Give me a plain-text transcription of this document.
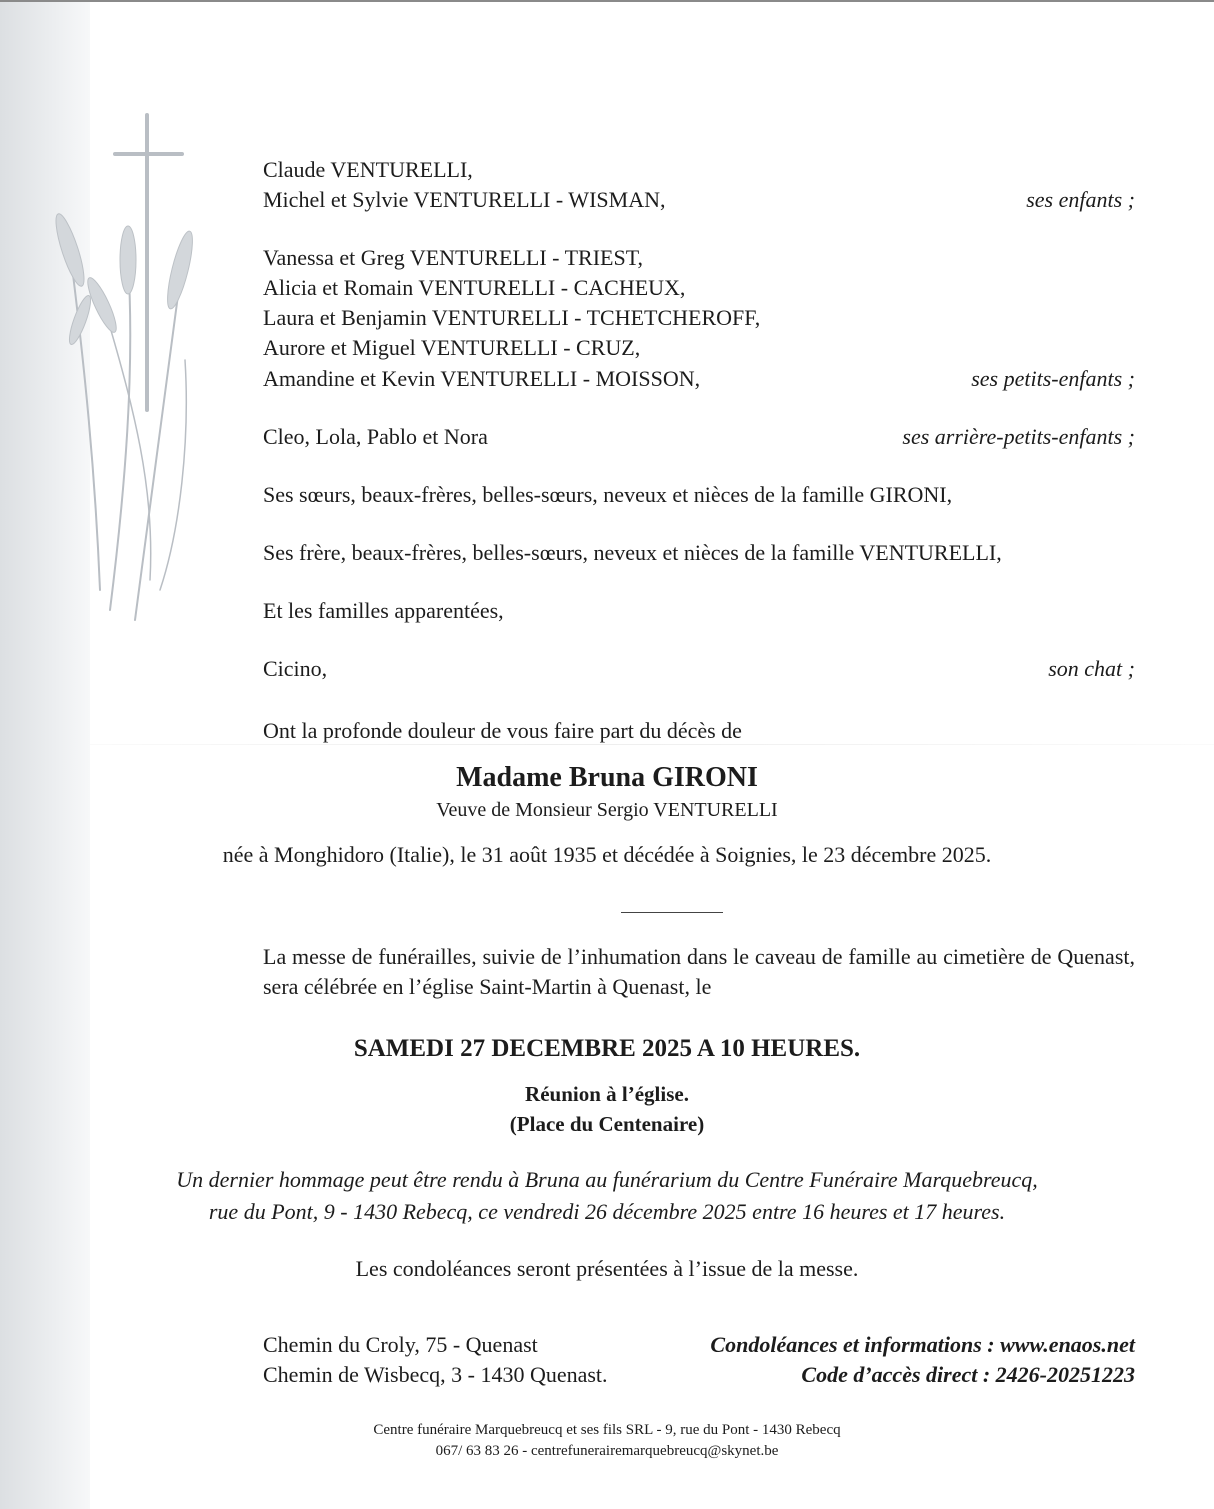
Claude VENTURELLI,
Michel et Sylvie VENTURELLI - WISMAN,	ses enfants ;
Vanessa et Greg VENTURELLI - TRIEST,
Alicia et Romain VENTURELLI - CACHEUX,
Laura et Benjamin VENTURELLI - TCHETCHEROFF,
Aurore et Miguel VENTURELLI - CRUZ,
Amandine et Kevin VENTURELLI - MOISSON,	ses petits-enfants ;
Cleo, Lola, Pablo et Nora	ses arrière-petits-enfants ;
Ses sœurs, beaux-frères, belles-sœurs, neveux et nièces de la famille GIRONI,
Ses frère, beaux-frères, belles-sœurs, neveux et nièces de la famille VENTURELLI,
Et les familles apparentées,
Cicino,	son chat ;
Ont la profonde douleur de vous faire part du décès de
Madame Bruna GIRONI
Veuve de Monsieur Sergio VENTURELLI
née à Monghidoro (Italie), le 31 août 1935 et décédée à Soignies, le 23 décembre 2025.
La messe de funérailles, suivie de l’inhumation dans le caveau de famille au cimetière de Quenast, sera célébrée en l’église Saint-Martin à Quenast, le
SAMEDI 27 DECEMBRE 2025 A 10 HEURES.
Réunion à l’église.
(Place du Centenaire)
Un dernier hommage peut être rendu à Bruna au funérarium du Centre Funéraire Marquebreucq,
rue du Pont, 9 - 1430 Rebecq, ce vendredi 26 décembre 2025 entre 16 heures et 17 heures.
Les condoléances seront présentées à l’issue de la messe.
Chemin du Croly, 75 - Quenast
Chemin de Wisbecq, 3 - 1430 Quenast.
Condoléances et informations : www.enaos.net
Code d’accès direct : 2426-20251223
Centre funéraire Marquebreucq et ses fils SRL - 9, rue du Pont - 1430 Rebecq
067/ 63 83 26 - centrefunerairemarquebreucq@skynet.be
